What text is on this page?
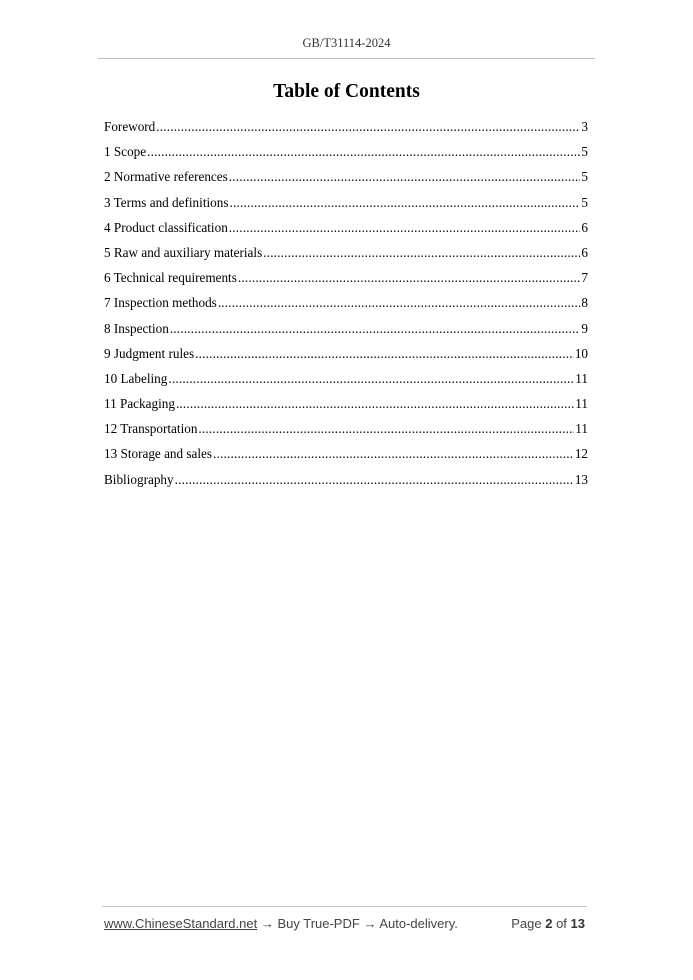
GB/T31114-2024
Table of Contents
Foreword .....	3
1 Scope .....	5
2 Normative references .....	5
3 Terms and definitions .....	5
4 Product classification .....	6
5 Raw and auxiliary materials .....	6
6 Technical requirements .....	7
7 Inspection methods .....	8
8 Inspection .....	9
9 Judgment rules .....	10
10 Labeling .....	11
11 Packaging .....	11
12 Transportation .....	11
13 Storage and sales .....	12
Bibliography .....	13
www.ChineseStandard.net → Buy True-PDF → Auto-delivery.	Page 2 of 13
